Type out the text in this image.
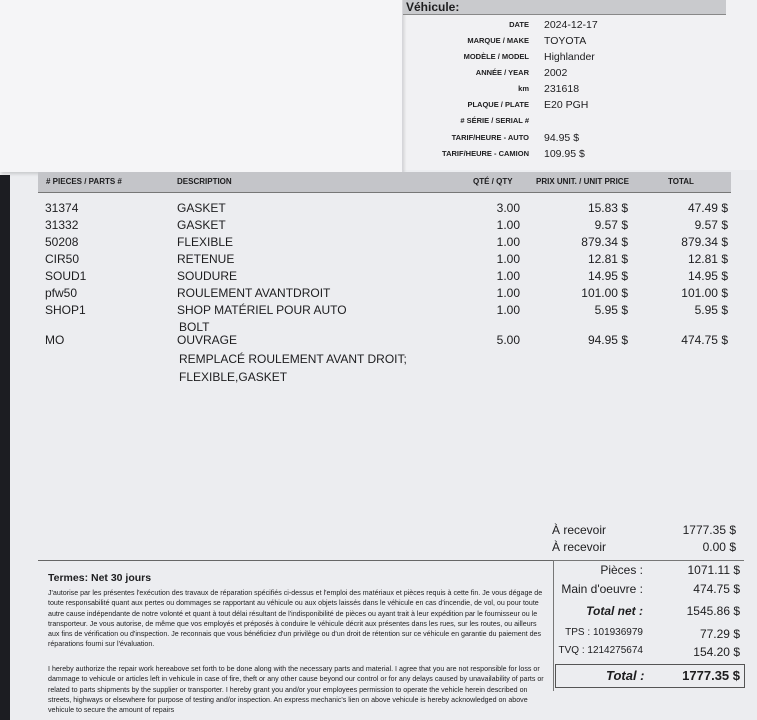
Véhicule:
DATE 2024-12-17
MARQUE / MAKE TOYOTA
MODÈLE / MODEL Highlander
ANNÉE / YEAR 2002
km 231618
PLAQUE / PLATE E20 PGH
# SÉRIE / SERIAL #
TARIF/HEURE - AUTO 94.95 $
TARIF/HEURE - CAMION 109.95 $
# PIECES / PARTS #	DESCRIPTION	QTÉ / QTY	PRIX UNIT. / UNIT PRICE	TOTAL
31374	GASKET	3.00	15.83 $	47.49 $
31332	GASKET	1.00	9.57 $	9.57 $
50208	FLEXIBLE	1.00	879.34 $	879.34 $
CIR50	RETENUE	1.00	12.81 $	12.81 $
SOUD1	SOUDURE	1.00	14.95 $	14.95 $
pfw50	ROULEMENT AVANTDROIT	1.00	101.00 $	101.00 $
SHOP1	SHOP MATÉRIEL POUR AUTO	1.00	5.95 $	5.95 $
BOLT
MO	OUVRAGE	5.00	94.95 $	474.75 $
REMPLACÉ ROULEMENT AVANT DROIT;
FLEXIBLE,GASKET
À recevoir	1777.35 $
À recevoir	0.00 $
Pièces :	1071.11 $
Main d'oeuvre :	474.75 $
Total net :	1545.86 $
TPS : 101936979	77.29 $
TVQ : 1214275674	154.20 $
Total :	1777.35 $
Termes: Net 30 jours
J'autorise par les présentes l'exécution des travaux de réparation spécifiés ci-dessus et l'emploi des matériaux et pièces requis à cette fin. Je vous dégage de toute responsabilité quant aux pertes ou dommages se rapportant au véhicule ou aux objets laissés dans le véhicule en cas d'incendie, de vol, ou pour toute autre cause indépendante de notre volonté et quant à tout délai résultant de l'indisponibilité de pièces ou ayant trait à leur expédition par le fournisseur ou le transporteur. Je vous autorise, de même que vos employés et préposés à conduire le véhicule décrit aux présentes dans les rues, sur les routes, ou ailleurs aux fins de vérification ou d'inspection. Je reconnais que vous bénéficiez d'un privilège ou d'un droit de rétention sur ce véhicule en garantie du paiement des réparations fourni sur l'évaluation.
I hereby authorize the repair work hereabove set forth to be done along with the necessary parts and material. I agree that you are not responsible for loss or dammage to vehicule or articles left in vehicule in case of fire, theft or any other cause beyond our control or for any delays caused by unavailability of parts or related to parts shipments by the supplier or transporter. I hereby grant you and/or your employees permission to operate the vehicle herein described on streets, highways or elsewhere for purpose of testing and/or inspection. An express mechanic's lien on above vehicule is hereby acknowledged on above vehicule to secure the amount of repairs
